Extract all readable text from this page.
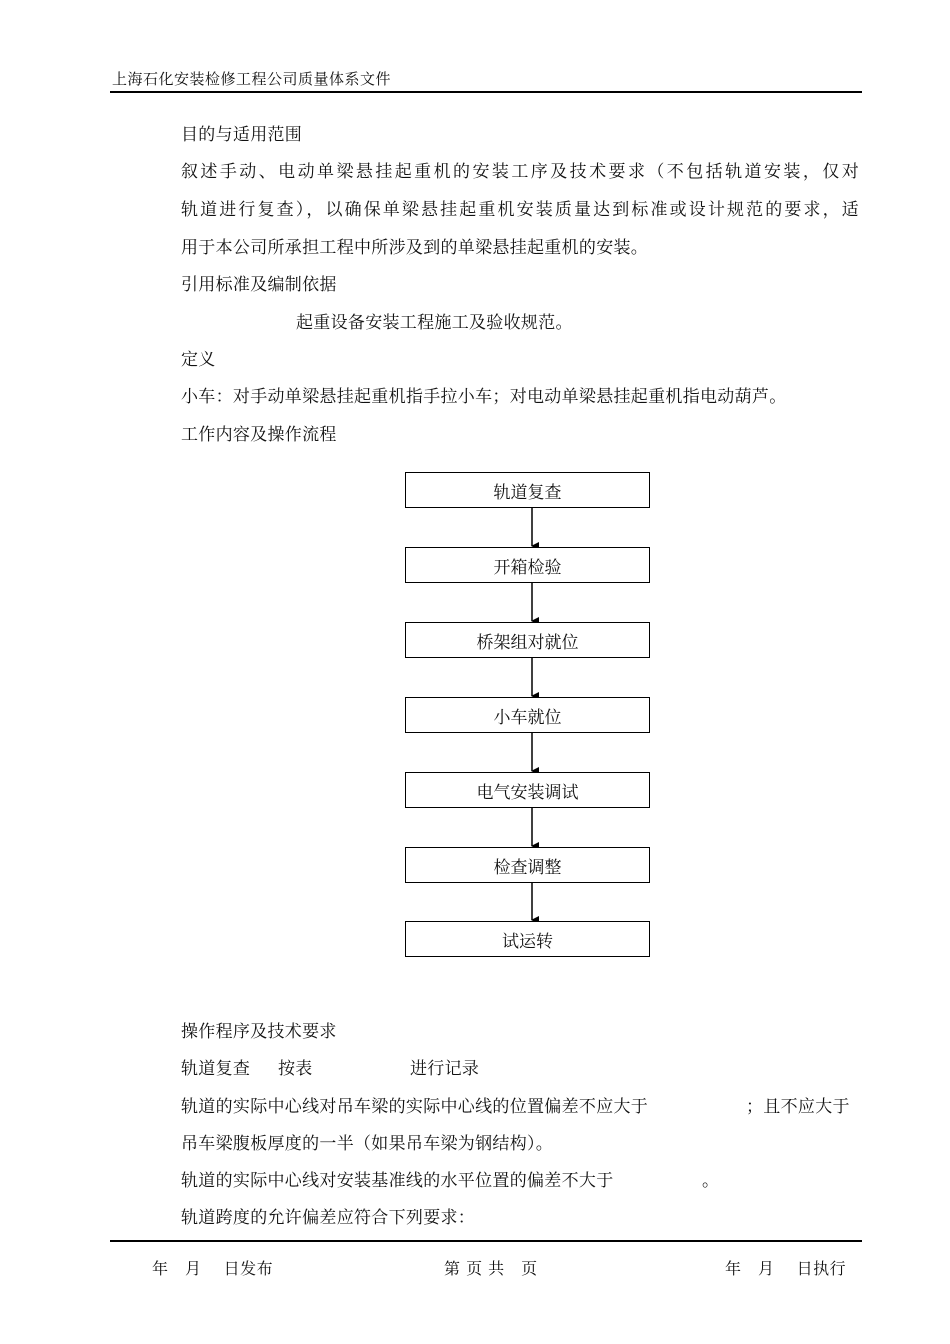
上海石化安装检修工程公司质量体系文件
目的与适用范围
叙述手动、电动单梁悬挂起重机的安装工序及技术要求（不包括轨道安装，仅对
轨道进行复查），以确保单梁悬挂起重机安装质量达到标准或设计规范的要求，适
用于本公司所承担工程中所涉及到的单梁悬挂起重机的安装。
引用标准及编制依据
起重设备安装工程施工及验收规范。
定义
小车：对手动单梁悬挂起重机指手拉小车；对电动单梁悬挂起重机指电动葫芦。
工作内容及操作流程
轨道复查
开箱检验
桥架组对就位
小车就位
电气安装调试
检查调整
试运转
操作程序及技术要求
轨道复查 按表	进行记录
轨道的实际中心线对吊车梁的实际中心线的位置偏差不应大于	；且不应大于
吊车梁腹板厚度的一半（如果吊车梁为钢结构）。
轨道的实际中心线对安装基准线的水平位置的偏差不大于	。
轨道跨度的允许偏差应符合下列要求：
年　月　 日发布	第 页 共　页	年　月　 日执行
